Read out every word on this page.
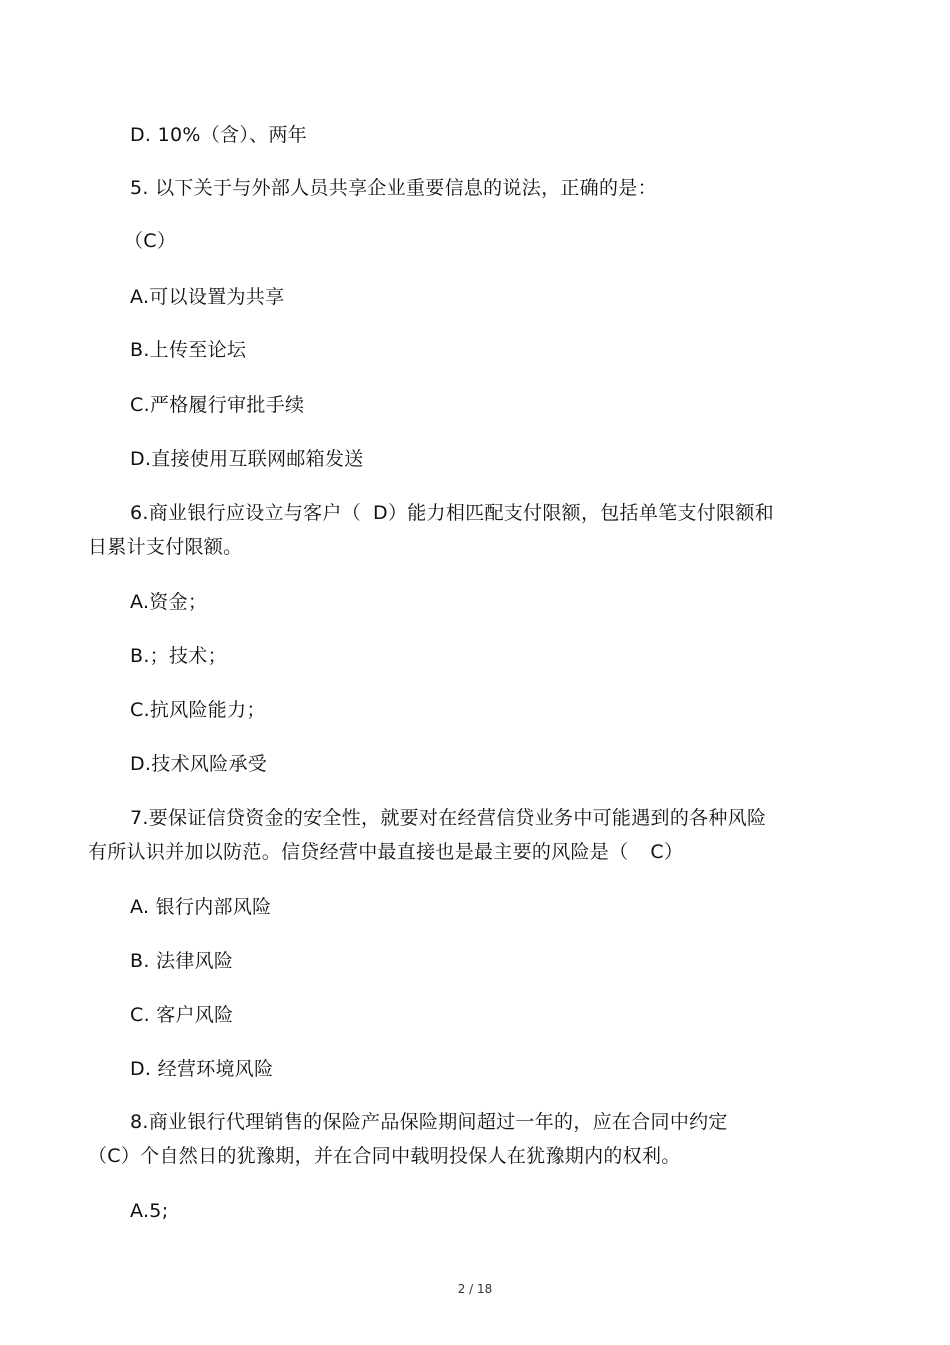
D. 10%（含）、两年
5. 以下关于与外部人员共享企业重要信息的说法，正确的是：
（C）
A.可以设置为共享
B.上传至论坛
C.严格履行审批手续
D.直接使用互联网邮箱发送
6.商业银行应设立与客户（ D）能力相匹配支付限额，包括单笔支付限额和
日累计支付限额。
A.资金；
B.；技术；
C.抗风险能力；
D.技术风险承受
7.要保证信贷资金的安全性，就要对在经营信贷业务中可能遇到的各种风险
有所认识并加以防范。信贷经营中最直接也是最主要的风险是（ C）
A. 银行内部风险
B. 法律风险
C. 客户风险
D. 经营环境风险
8.商业银行代理销售的保险产品保险期间超过一年的，应在合同中约定
（C）个自然日的犹豫期，并在合同中载明投保人在犹豫期内的权利。
A.5;
2 / 18
